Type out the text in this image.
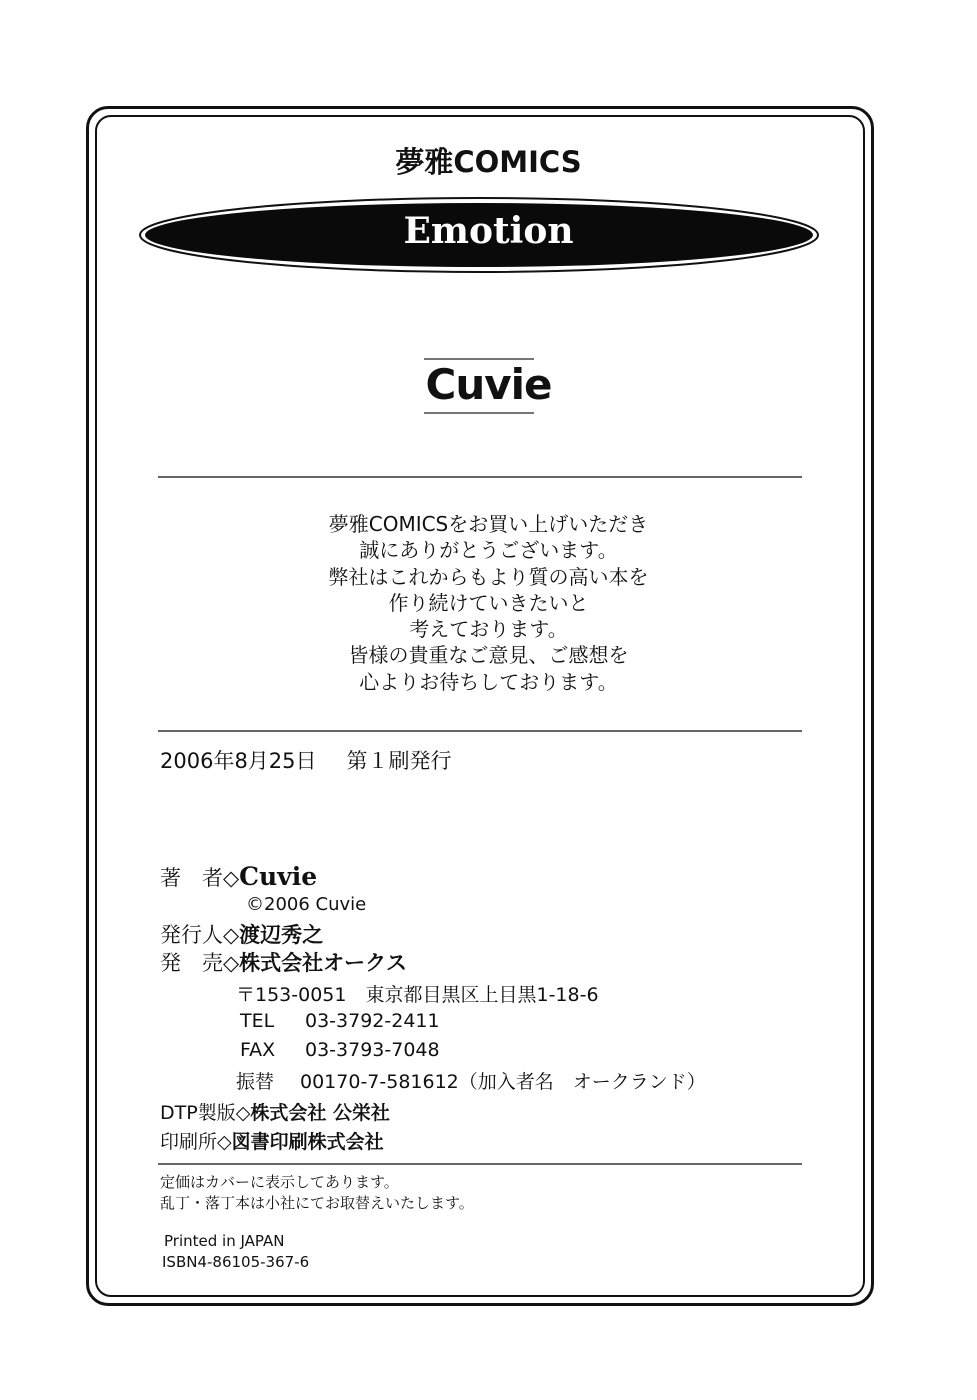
夢雅COMICS
Emotion
Cuvie
夢雅COMICSをお買い上げいただき
誠にありがとうございます。
弊社はこれからもより質の高い本を
作り続けていきたいと
考えております。
皆様の貴重なご意見、ご感想を
心よりお待ちしております。
2006年8月25日 第１刷発行
著　者◇Cuvie
©2006 Cuvie
発行人◇渡辺秀之
発　売◇株式会社オークス
〒153-0051　東京都目黒区上目黒1-18-6
TEL 03-3792-2411
FAX 03-3793-7048
振替 00170-7-581612（加入者名　オークランド）
DTP製版◇株式会社 公栄社
印刷所◇図書印刷株式会社
定価はカバーに表示してあります。
乱丁・落丁本は小社にてお取替えいたします。
Printed in JAPAN
ISBN4-86105-367-6
